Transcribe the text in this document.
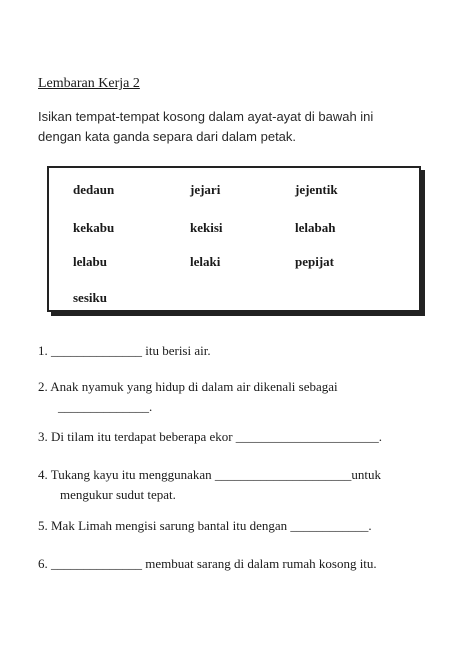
Lembaran Kerja 2
Isikan tempat-tempat kosong dalam ayat-ayat di bawah ini
dengan kata ganda separa dari dalam petak.
dedaun	jejari	jejentik
kekabu	kekisi	lelabah
lelabu	lelaki	pepijat
sesiku
1. ______________ itu berisi air.
2. Anak nyamuk yang hidup di dalam air dikenali sebagai
______________.
3. Di tilam itu terdapat beberapa ekor ______________________.
4. Tukang kayu itu menggunakan _____________________untuk
mengukur sudut tepat.
5. Mak Limah mengisi sarung bantal itu dengan ____________.
6. ______________ membuat sarang di dalam rumah kosong itu.
